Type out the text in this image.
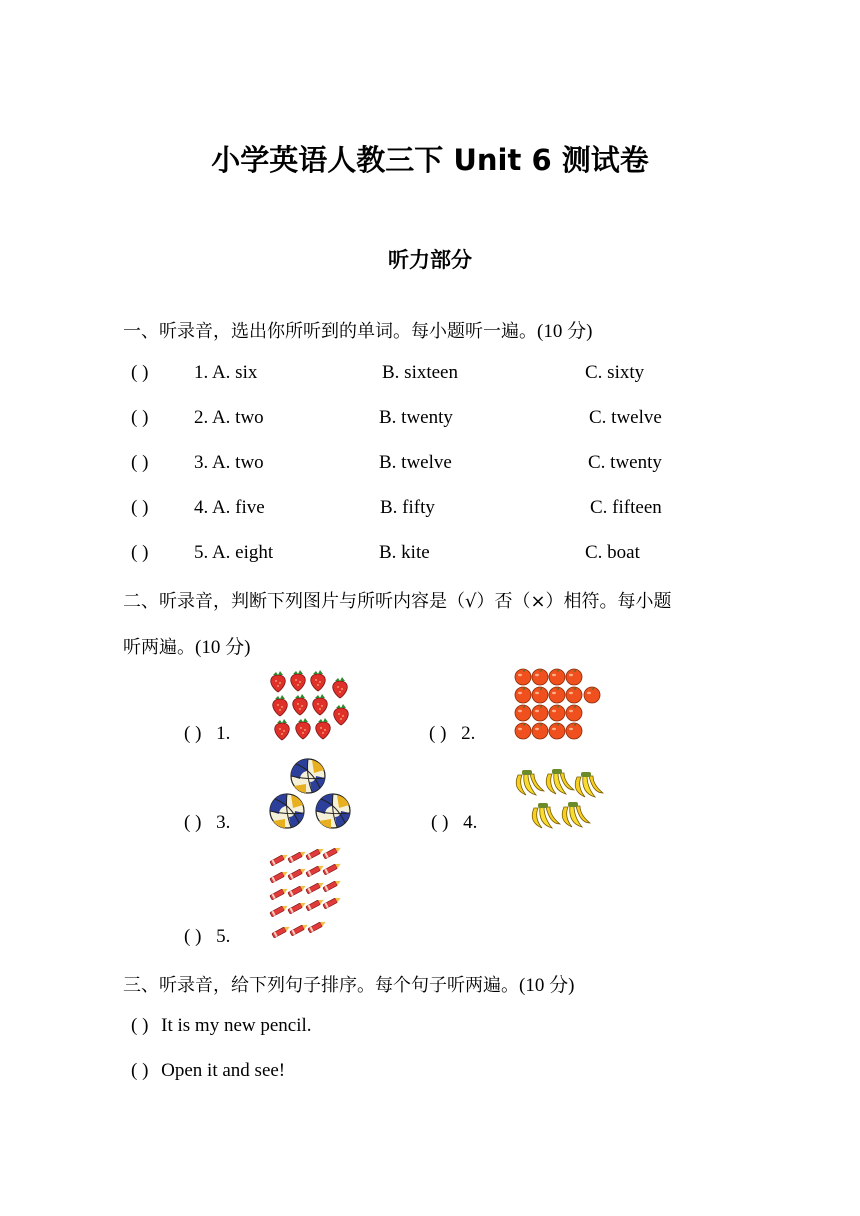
小学英语人教三下 Unit 6 测试卷
听力部分
一、听录音，选出你所听到的单词。每小题听一遍。(10 分)
( ) 1. A. six	B. sixteen	C. sixty
( ) 2. A. two	B. twenty	C. twelve
( ) 3. A. two	B. twelve	C. twenty
( ) 4. A. five	B. fifty	C. fifteen
( ) 5. A. eight	B. kite	C. boat
二、听录音，判断下列图片与所听内容是（√）否（×）相符。每小题
听两遍。(10 分)
( ) 1.	( ) 2.
( ) 3.	( ) 4.
( ) 5.
三、听录音，给下列句子排序。每个句子听两遍。(10 分)
( ) It is my new pencil.
( ) Open it and see!
